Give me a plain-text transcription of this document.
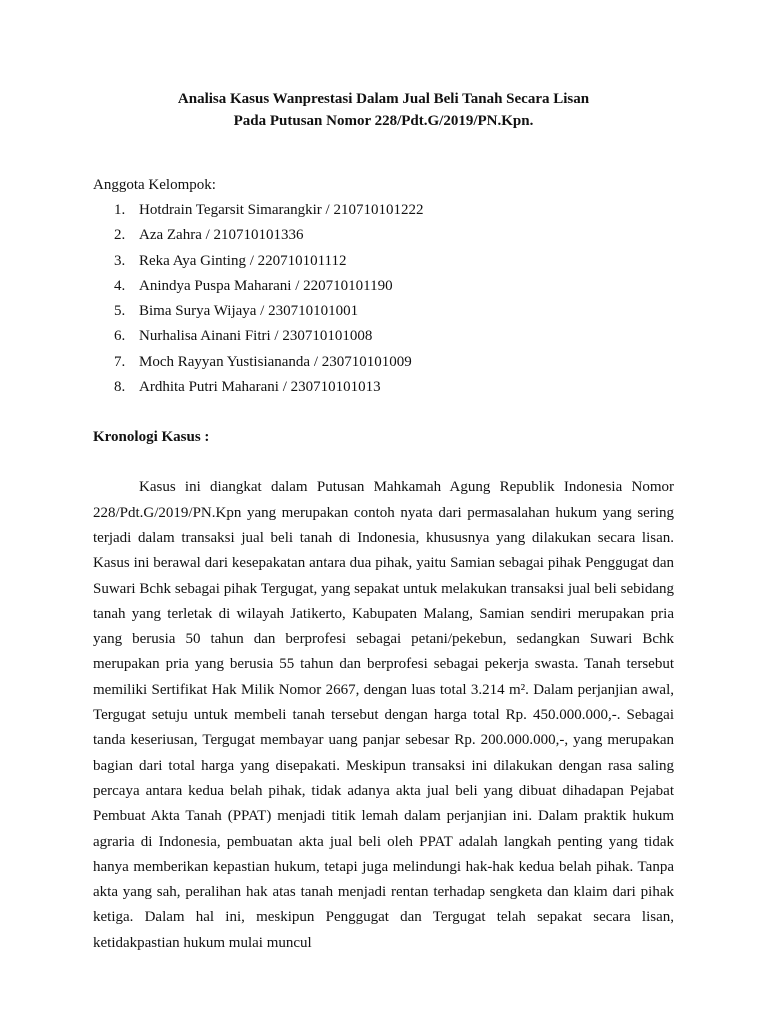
Analisa Kasus Wanprestasi Dalam Jual Beli Tanah Secara Lisan
Pada Putusan Nomor 228/Pdt.G/2019/PN.Kpn.
Anggota Kelompok:
1. Hotdrain Tegarsit Simarangkir / 210710101222
2. Aza Zahra / 210710101336
3. Reka Aya Ginting / 220710101112
4. Anindya Puspa Maharani / 220710101190
5. Bima Surya Wijaya / 230710101001
6. Nurhalisa Ainani Fitri / 230710101008
7. Moch Rayyan Yustisiananda / 230710101009
8. Ardhita Putri Maharani / 230710101013
Kronologi Kasus :

Kasus ini diangkat dalam Putusan Mahkamah Agung Republik Indonesia Nomor 228/Pdt.G/2019/PN.Kpn yang merupakan contoh nyata dari permasalahan hukum yang sering terjadi dalam transaksi jual beli tanah di Indonesia, khususnya yang dilakukan secara lisan. Kasus ini berawal dari kesepakatan antara dua pihak, yaitu Samian sebagai pihak Penggugat dan Suwari Bchk sebagai pihak Tergugat, yang sepakat untuk melakukan transaksi jual beli sebidang tanah yang terletak di wilayah Jatikerto, Kabupaten Malang, Samian sendiri merupakan pria yang berusia 50 tahun dan berprofesi sebagai petani/pekebun, sedangkan Suwari Bchk merupakan pria yang berusia 55 tahun dan berprofesi sebagai pekerja swasta. Tanah tersebut memiliki Sertifikat Hak Milik Nomor 2667, dengan luas total 3.214 m². Dalam perjanjian awal, Tergugat setuju untuk membeli tanah tersebut dengan harga total Rp. 450.000.000,-. Sebagai tanda keseriusan, Tergugat membayar uang panjar sebesar Rp. 200.000.000,-, yang merupakan bagian dari total harga yang disepakati. Meskipun transaksi ini dilakukan dengan rasa saling percaya antara kedua belah pihak, tidak adanya akta jual beli yang dibuat dihadapan Pejabat Pembuat Akta Tanah (PPAT) menjadi titik lemah dalam perjanjian ini. Dalam praktik hukum agraria di Indonesia, pembuatan akta jual beli oleh PPAT adalah langkah penting yang tidak hanya memberikan kepastian hukum, tetapi juga melindungi hak-hak kedua belah pihak. Tanpa akta yang sah, peralihan hak atas tanah menjadi rentan terhadap sengketa dan klaim dari pihak ketiga. Dalam hal ini, meskipun Penggugat dan Tergugat telah sepakat secara lisan, ketidakpastian hukum mulai muncul
